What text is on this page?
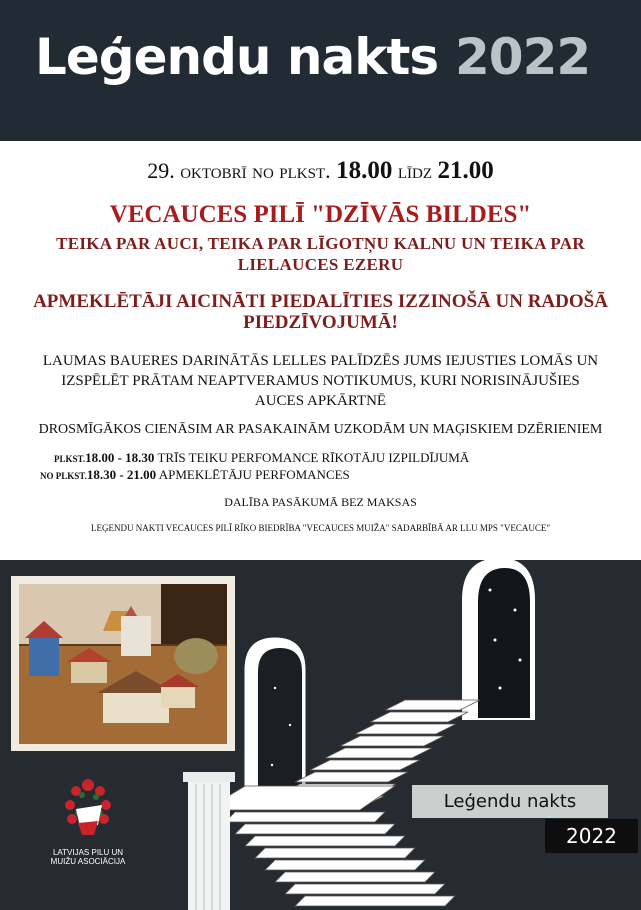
Leģendu nakts 2022
29. oktobrī no plkst. 18.00 līdz 21.00
VECAUCES PILĪ "DZĪVĀS BILDES"
TEIKA PAR AUCI, TEIKA PAR LĪGOTŅU KALNU UN TEIKA PAR LIELAUCES EZERU
APMEKLĒTĀJI AICINĀTI PIEDALĪTIES IZZINOŠĀ UN RADOŠĀ PIEDZĪVOJUMĀ!
LAUMAS BAUERES DARINĀTĀS LELLES PALĪDZĒS JUMS IEJUSTIES LOMĀS UN IZSPĒLĒT PRĀTAM NEAPTVERAMUS NOTIKUMUS, KURI NORISINĀJUŠIES AUCES APKĀRTNĒ
DROSMĪGĀKOS CIENĀSIM AR PASAKAINĀM UZKODĀM UN MAĢISKIEM DZĒRIENIEM
PLKST.18.00 - 18.30 TRĪS TEIKU PERFOMANCE RĪKOTĀJU IZPILDĪJUMĀ
NO PLKST.18.30 - 21.00 APMEKLĒTĀJU PERFOMANCES
DALĪBA PASĀKUMĀ BEZ MAKSAS
LEĢENDU NAKTI VECAUCES PILĪ RĪKO BIEDRĪBA "VECAUCES MUIŽA" SADARBĪBĀ AR LLU MPS "VECAUCE"
LATVIJAS PILU UN
MUIŽU ASOCIĀCIJA
Leģendu nakts
2022
